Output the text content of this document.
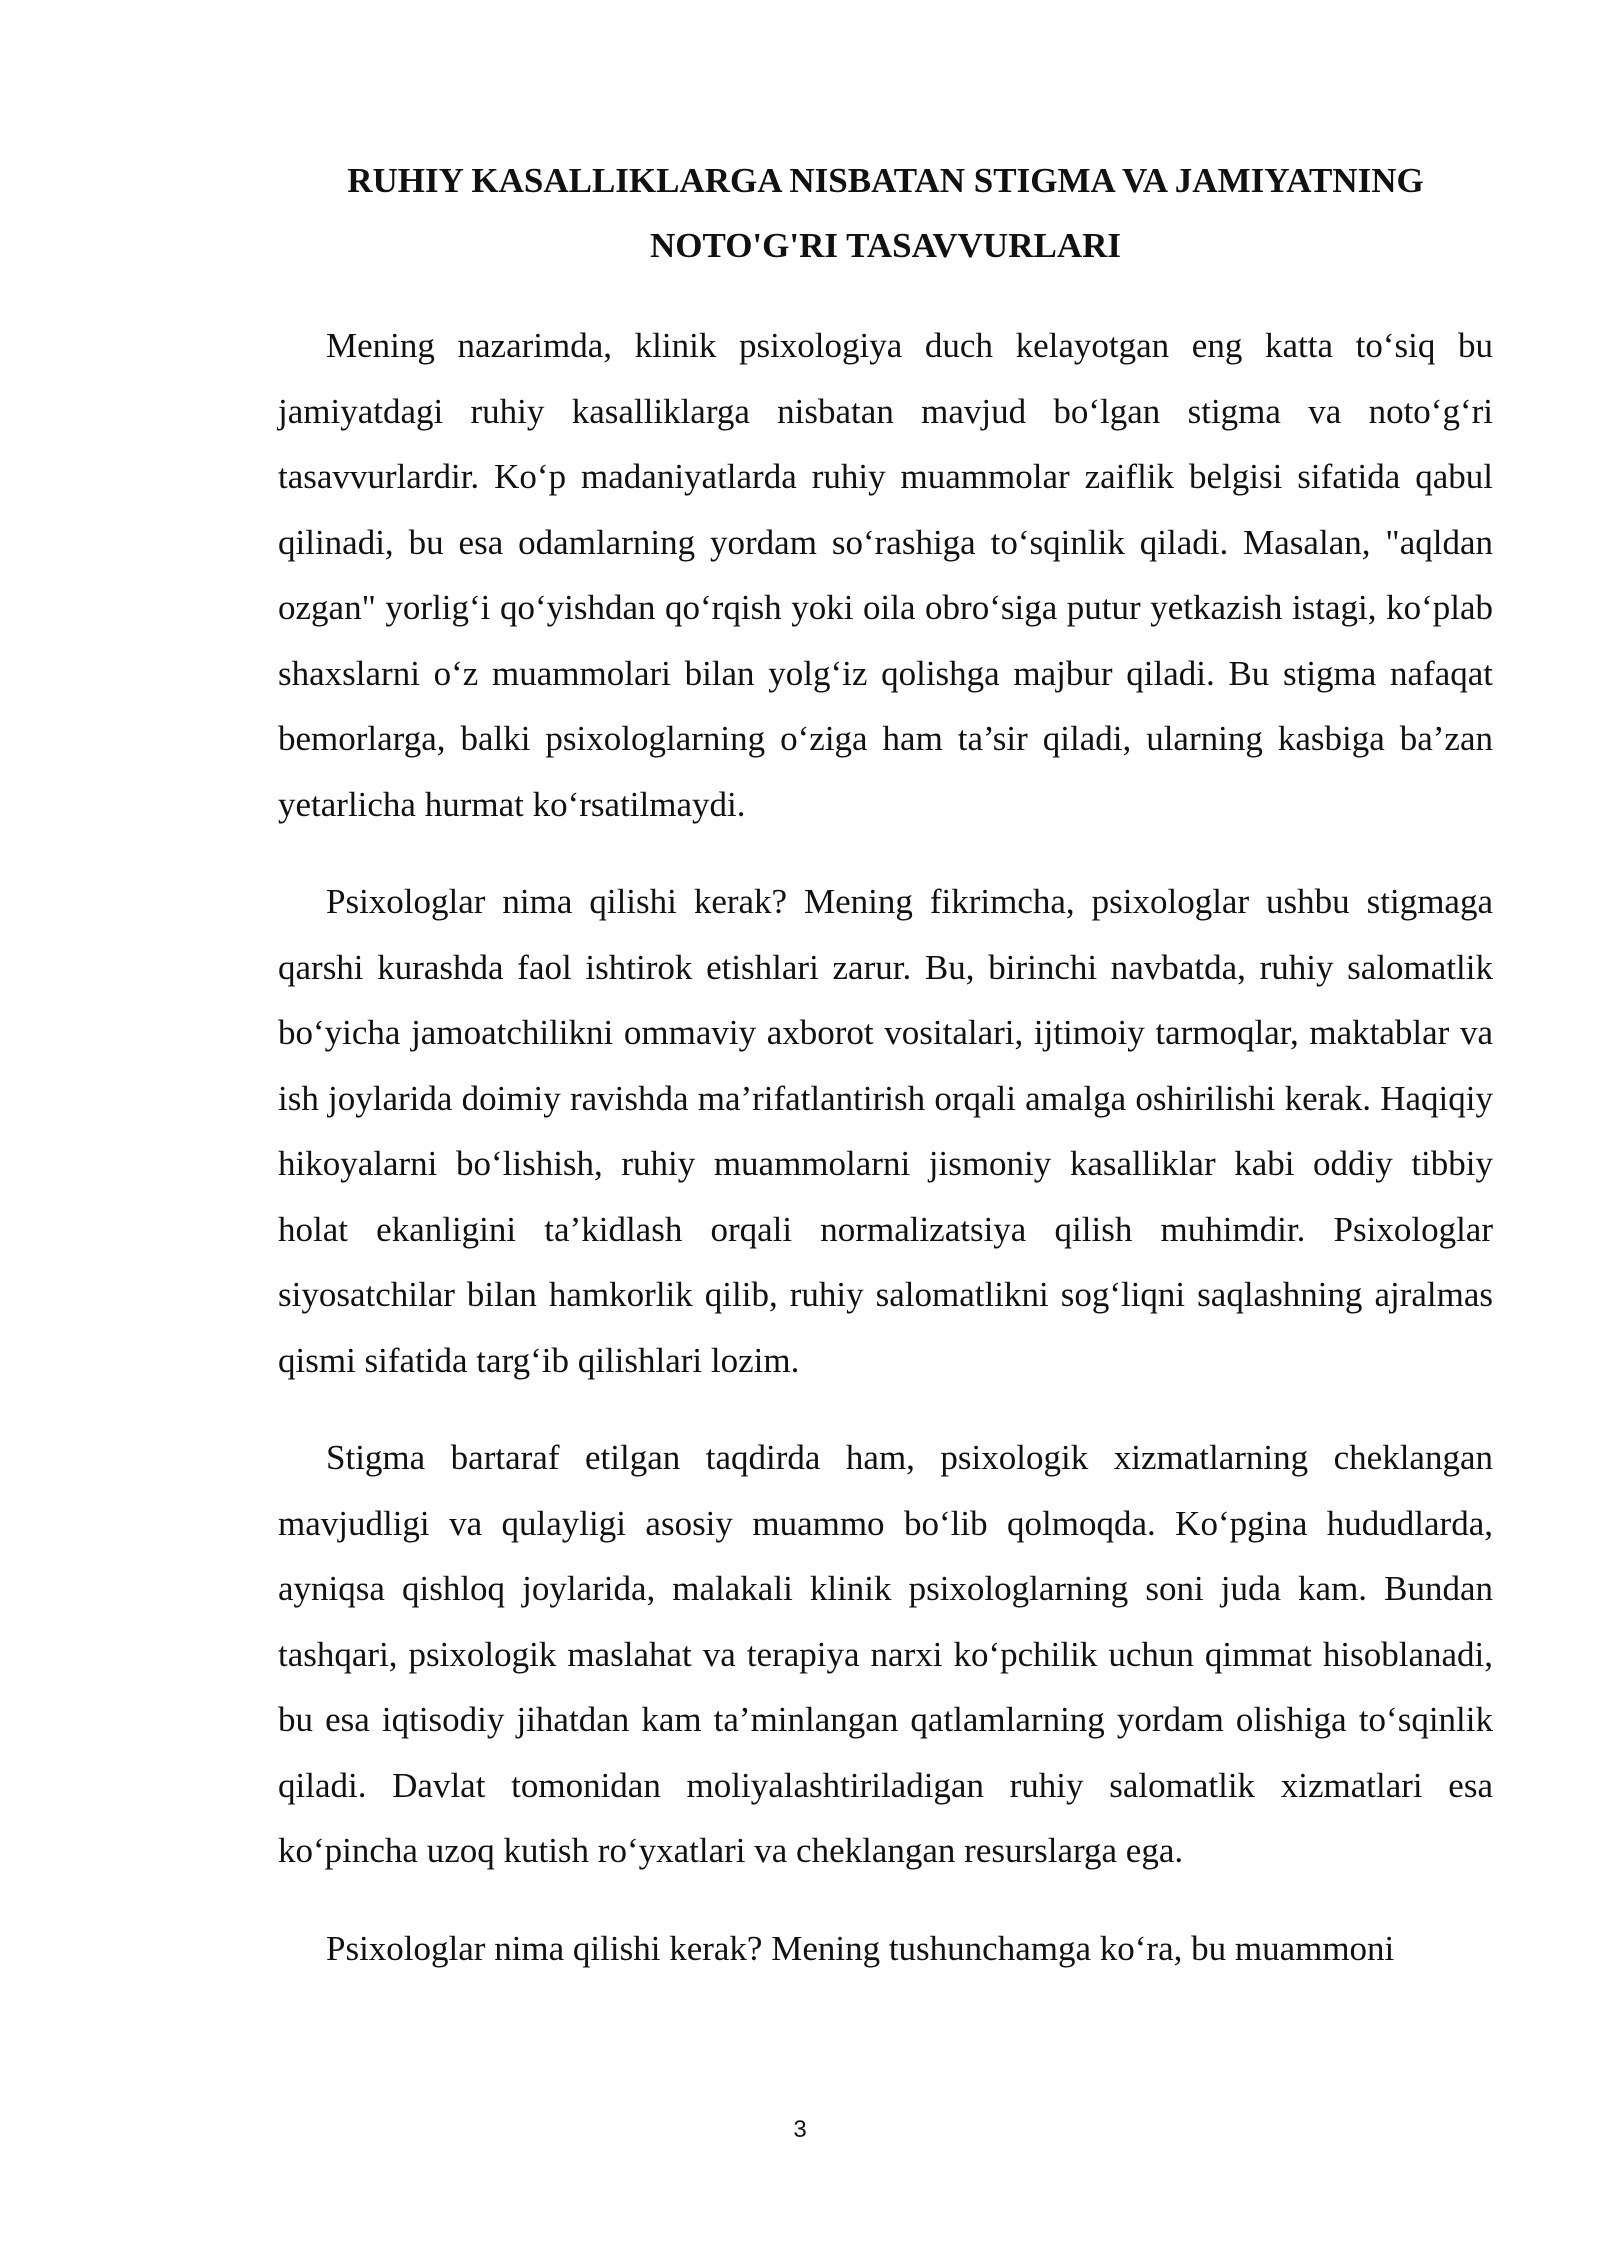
RUHIY KASALLIKLARGA NISBATAN STIGMA VA JAMIYATNING
NOTO'G'RI TASAVVURLARI

Mening nazarimda, klinik psixologiya duch kelayotgan eng katta to‘siq bu jamiyatdagi ruhiy kasalliklarga nisbatan mavjud bo‘lgan stigma va noto‘g‘ri tasavvurlardir. Ko‘p madaniyatlarda ruhiy muammolar zaiflik belgisi sifatida qabul qilinadi, bu esa odamlarning yordam so‘rashiga to‘sqinlik qiladi. Masalan, "aqldan ozgan" yorlig‘i qo‘yishdan qo‘rqish yoki oila obro‘siga putur yetkazish istagi, ko‘plab shaxslarni o‘z muammolari bilan yolg‘iz qolishga majbur qiladi. Bu stigma nafaqat bemorlarga, balki psixologlarning o‘ziga ham ta’sir qiladi, ularning kasbiga ba’zan yetarlicha hurmat ko‘rsatilmaydi.

Psixologlar nima qilishi kerak? Mening fikrimcha, psixologlar ushbu stigmaga qarshi kurashda faol ishtirok etishlari zarur. Bu, birinchi navbatda, ruhiy salomatlik bo‘yicha jamoatchilikni ommaviy axborot vositalari, ijtimoiy tarmoqlar, maktablar va ish joylarida doimiy ravishda ma’rifatlantirish orqali amalga oshirilishi kerak. Haqiqiy hikoyalarni bo‘lishish, ruhiy muammolarni jismoniy kasalliklar kabi oddiy tibbiy holat ekanligini ta’kidlash orqali normalizatsiya qilish muhimdir. Psixologlar siyosatchilar bilan hamkorlik qilib, ruhiy salomatlikni sog‘liqni saqlashning ajralmas qismi sifatida targ‘ib qilishlari lozim.

Stigma bartaraf etilgan taqdirda ham, psixologik xizmatlarning cheklangan mavjudligi va qulayligi asosiy muammo bo‘lib qolmoqda. Ko‘pgina hududlarda, ayniqsa qishloq joylarida, malakali klinik psixologlarning soni juda kam. Bundan tashqari, psixologik maslahat va terapiya narxi ko‘pchilik uchun qimmat hisoblanadi, bu esa iqtisodiy jihatdan kam ta’minlangan qatlamlarning yordam olishiga to‘sqinlik qiladi. Davlat tomonidan moliyalashtiriladigan ruhiy salomatlik xizmatlari esa ko‘pincha uzoq kutish ro‘yxatlari va cheklangan resurslarga ega.

Psixologlar nima qilishi kerak? Mening tushunchamga ko‘ra, bu muammoni

3
